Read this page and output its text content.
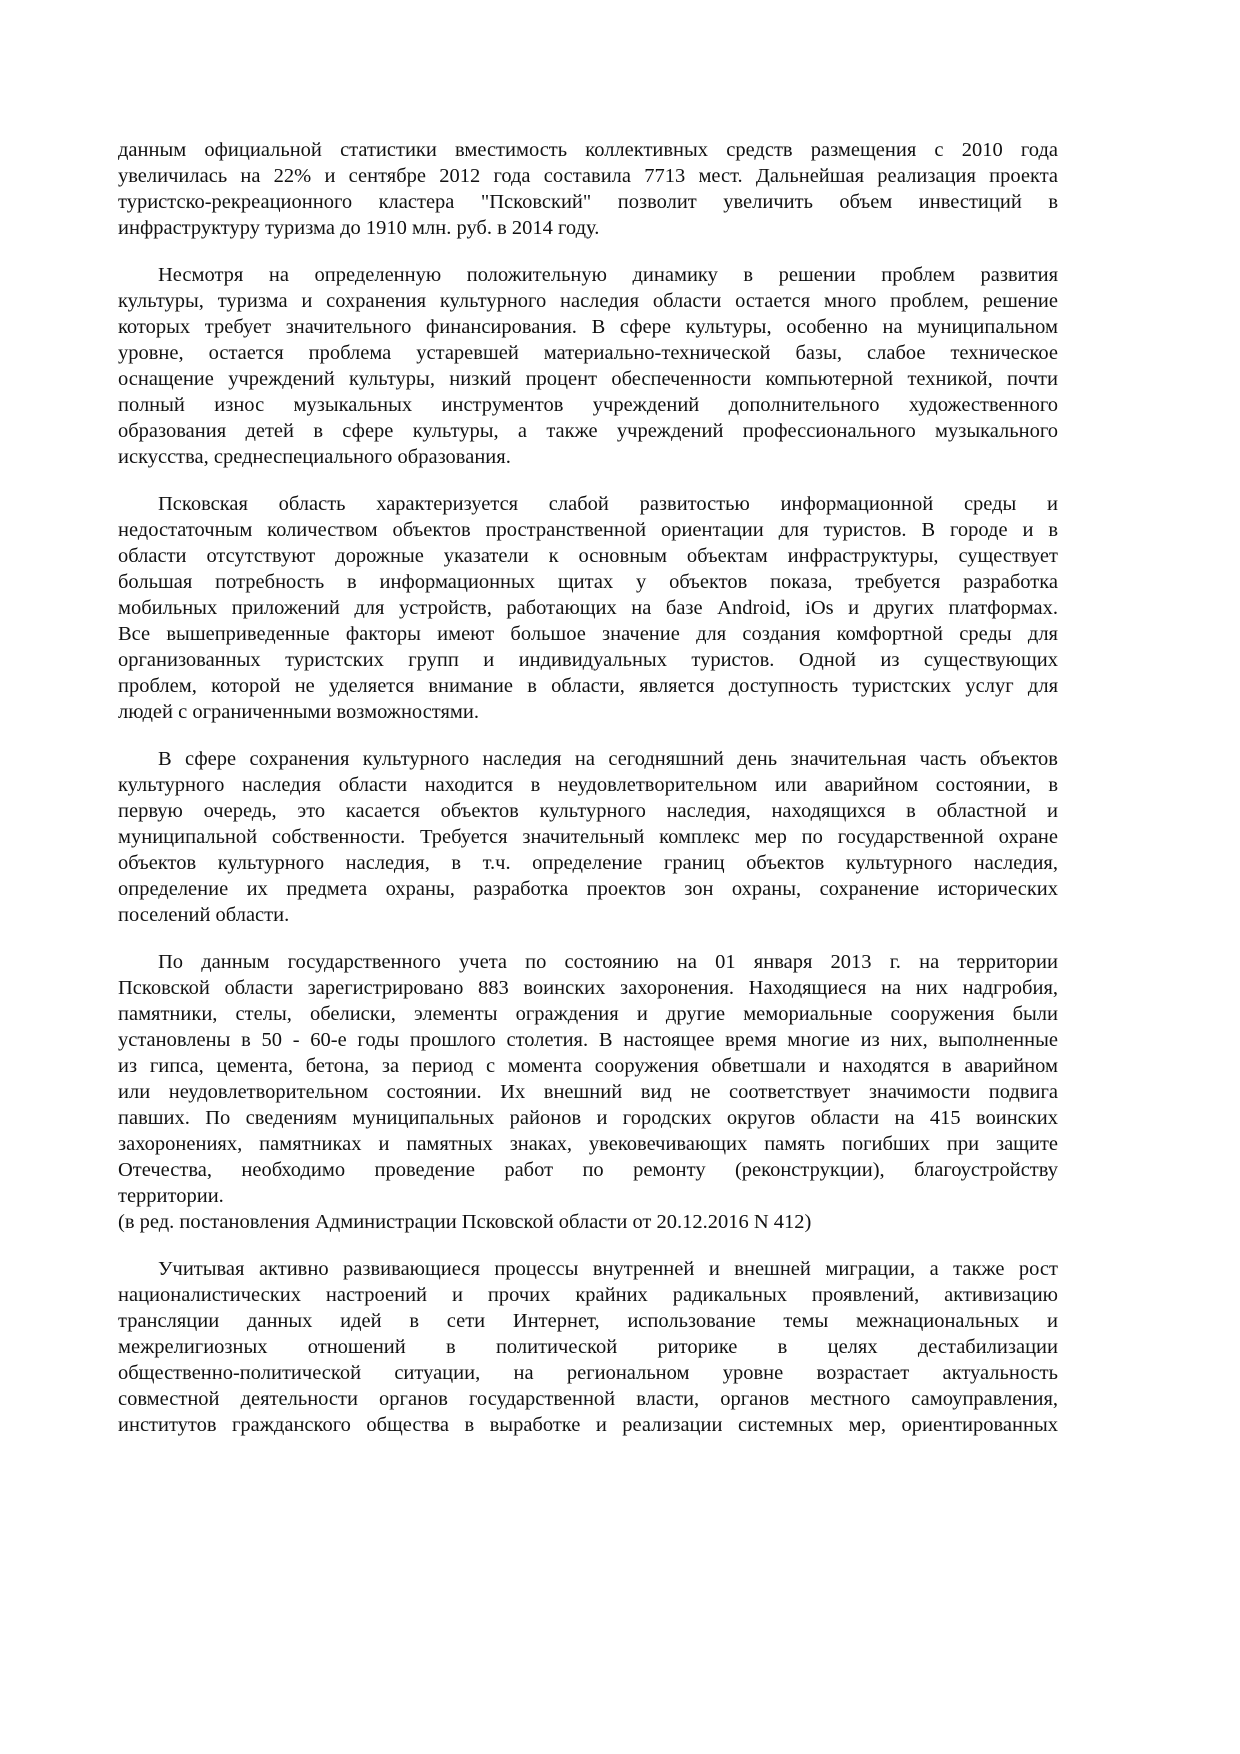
данным официальной статистики вместимость коллективных средств размещения с 2010 года
увеличилась на 22% и сентябре 2012 года составила 7713 мест. Дальнейшая реализация проекта
туристско-рекреационного кластера "Псковский" позволит увеличить объем инвестиций в
инфраструктуру туризма до 1910 млн. руб. в 2014 году.
Несмотря на определенную положительную динамику в решении проблем развития
культуры, туризма и сохранения культурного наследия области остается много проблем, решение
которых требует значительного финансирования. В сфере культуры, особенно на муниципальном
уровне, остается проблема устаревшей материально-технической базы, слабое техническое
оснащение учреждений культуры, низкий процент обеспеченности компьютерной техникой, почти
полный износ музыкальных инструментов учреждений дополнительного художественного
образования детей в сфере культуры, а также учреждений профессионального музыкального
искусства, среднеспециального образования.
Псковская область характеризуется слабой развитостью информационной среды и
недостаточным количеством объектов пространственной ориентации для туристов. В городе и в
области отсутствуют дорожные указатели к основным объектам инфраструктуры, существует
большая потребность в информационных щитах у объектов показа, требуется разработка
мобильных приложений для устройств, работающих на базе Android, iOs и других платформах.
Все вышеприведенные факторы имеют большое значение для создания комфортной среды для
организованных туристских групп и индивидуальных туристов. Одной из существующих
проблем, которой не уделяется внимание в области, является доступность туристских услуг для
людей с ограниченными возможностями.
В сфере сохранения культурного наследия на сегодняшний день значительная часть объектов
культурного наследия области находится в неудовлетворительном или аварийном состоянии, в
первую очередь, это касается объектов культурного наследия, находящихся в областной и
муниципальной собственности. Требуется значительный комплекс мер по государственной охране
объектов культурного наследия, в т.ч. определение границ объектов культурного наследия,
определение их предмета охраны, разработка проектов зон охраны, сохранение исторических
поселений области.
По данным государственного учета по состоянию на 01 января 2013 г. на территории
Псковской области зарегистрировано 883 воинских захоронения. Находящиеся на них надгробия,
памятники, стелы, обелиски, элементы ограждения и другие мемориальные сооружения были
установлены в 50 - 60-е годы прошлого столетия. В настоящее время многие из них, выполненные
из гипса, цемента, бетона, за период с момента сооружения обветшали и находятся в аварийном
или неудовлетворительном состоянии. Их внешний вид не соответствует значимости подвига
павших. По сведениям муниципальных районов и городских округов области на 415 воинских
захоронениях, памятниках и памятных знаках, увековечивающих память погибших при защите
Отечества, необходимо проведение работ по ремонту (реконструкции), благоустройству
территории.
(в ред. постановления Администрации Псковской области от 20.12.2016 N 412)
Учитывая активно развивающиеся процессы внутренней и внешней миграции, а также рост
националистических настроений и прочих крайних радикальных проявлений, активизацию
трансляции данных идей в сети Интернет, использование темы межнациональных и
межрелигиозных отношений в политической риторике в целях дестабилизации
общественно-политической ситуации, на региональном уровне возрастает актуальность
совместной деятельности органов государственной власти, органов местного самоуправления,
институтов гражданского общества в выработке и реализации системных мер, ориентированных
